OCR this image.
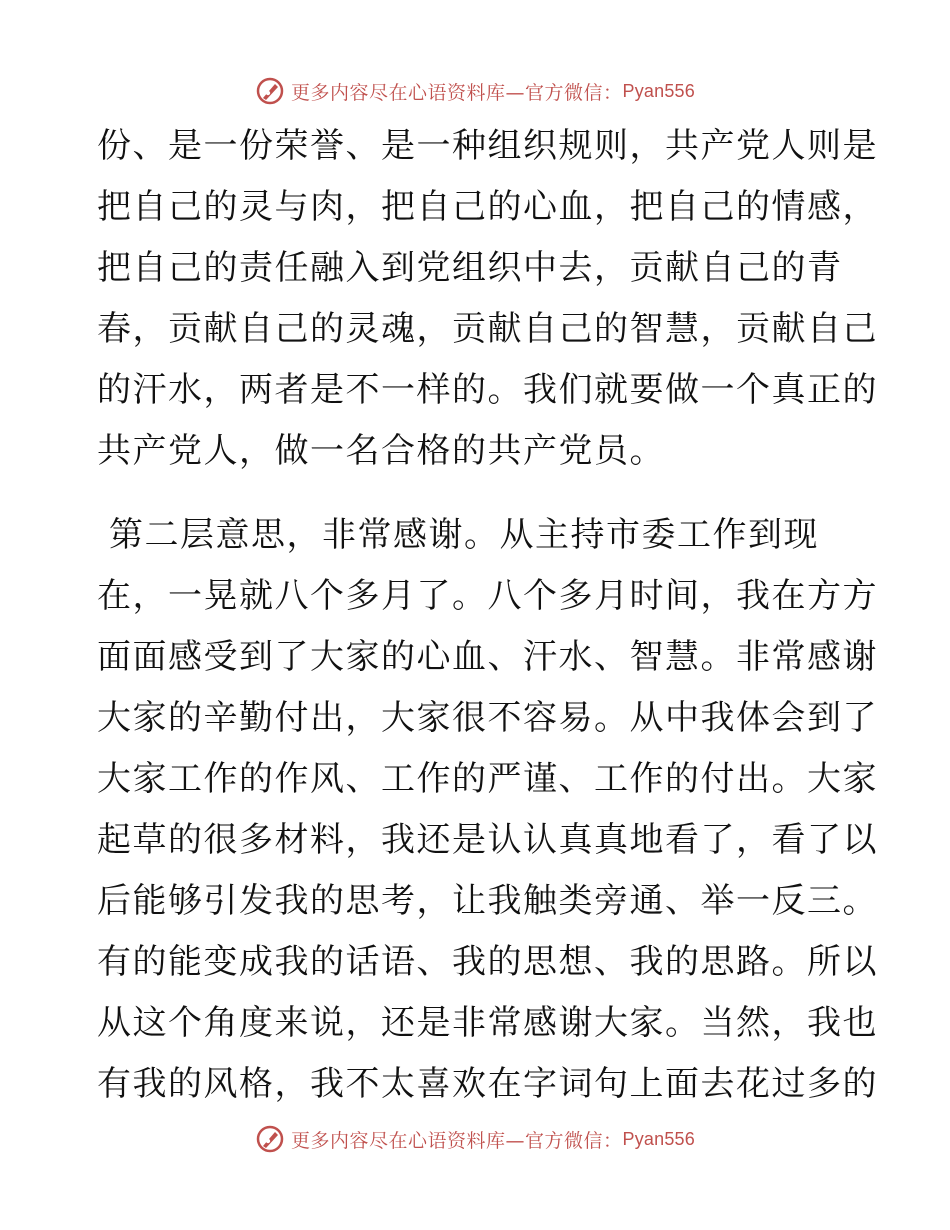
更多内容尽在心语资料库—官方微信： Pyan556

份、是一份荣誉、是一种组织规则，共产党人则是

把自己的灵与肉，把自己的心血，把自己的情感，

把自己的责任融入到党组织中去，贡献自己的青

春，贡献自己的灵魂，贡献自己的智慧，贡献自己

的汗水，两者是不一样的。我们就要做一个真正的

共产党人，做一名合格的共产党员。

第二层意思，非常感谢。从主持市委工作到现

在，一晃就八个多月了。八个多月时间，我在方方

面面感受到了大家的心血、汗水、智慧。非常感谢

大家的辛勤付出，大家很不容易。从中我体会到了

大家工作的作风、工作的严谨、工作的付出。大家

起草的很多材料，我还是认认真真地看了，看了以

后能够引发我的思考，让我触类旁通、举一反三。

有的能变成我的话语、我的思想、我的思路。所以

从这个角度来说，还是非常感谢大家。当然，我也

有我的风格，我不太喜欢在字词句上面去花过多的

更多内容尽在心语资料库—官方微信： Pyan556
